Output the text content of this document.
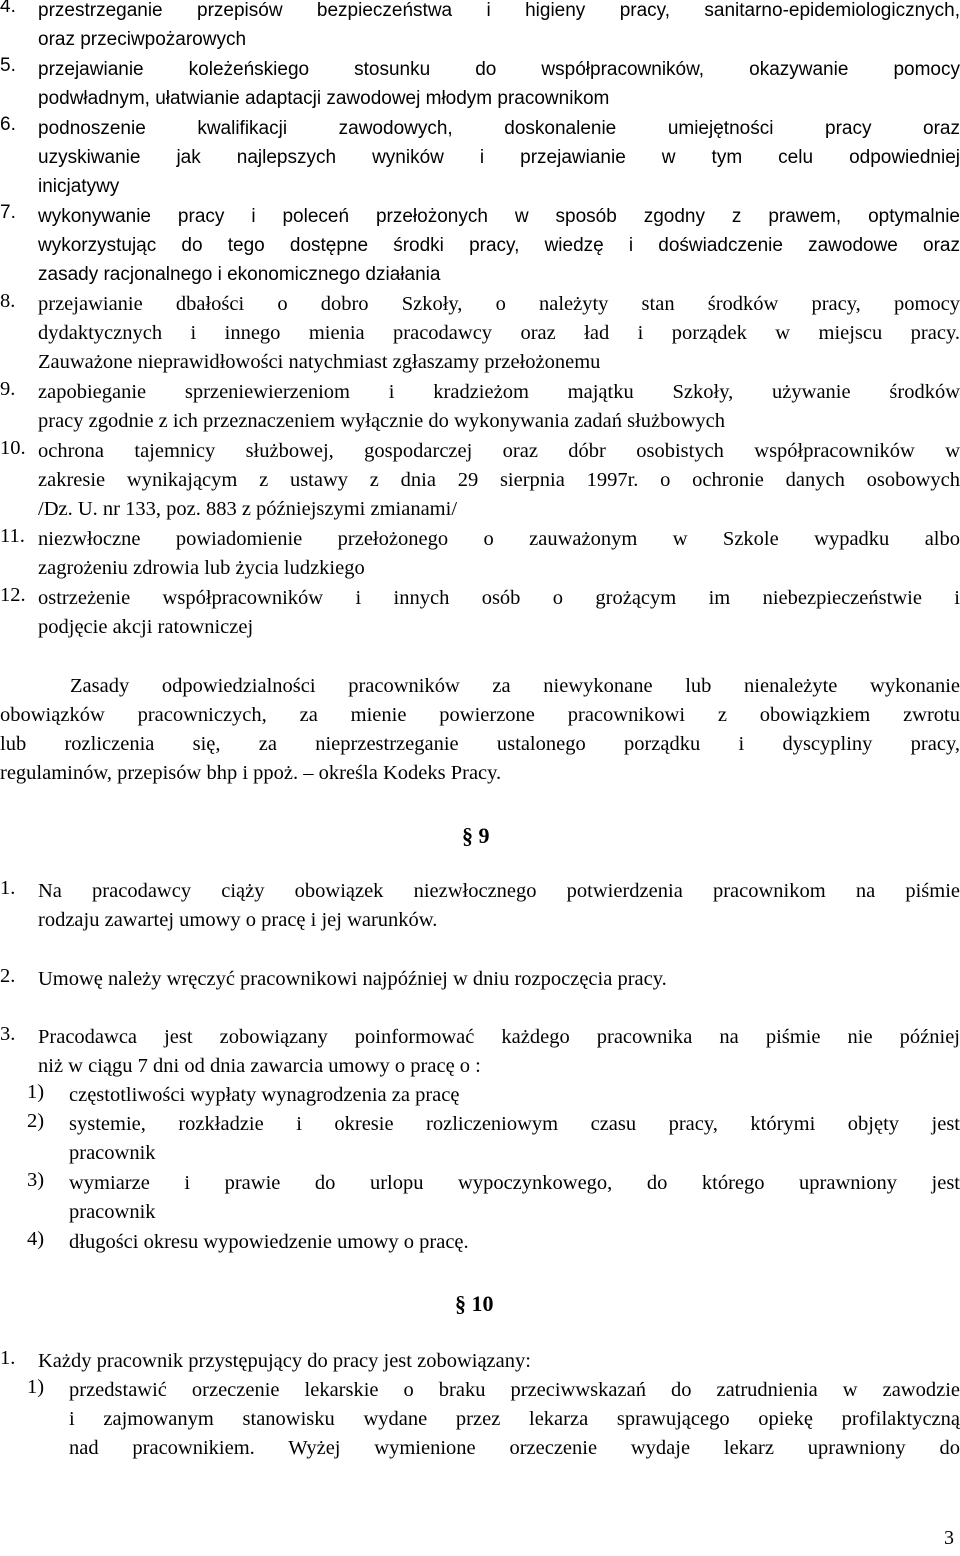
4. przestrzeganie przepisów bezpieczeństwa i higieny pracy, sanitarno-epidemiologicznych,
oraz przeciwpożarowych
5. przejawianie koleżeńskiego stosunku do współpracowników, okazywanie pomocy
podwładnym, ułatwianie adaptacji zawodowej młodym pracownikom
6. podnoszenie kwalifikacji zawodowych, doskonalenie umiejętności pracy oraz
uzyskiwanie jak najlepszych wyników i przejawianie w tym celu odpowiedniej
inicjatywy
7. wykonywanie pracy i poleceń przełożonych w sposób zgodny z prawem, optymalnie
wykorzystując do tego dostępne środki pracy, wiedzę i doświadczenie zawodowe oraz
zasady racjonalnego i ekonomicznego działania
8. przejawianie dbałości o dobro Szkoły, o należyty stan środków pracy, pomocy
dydaktycznych i innego mienia pracodawcy oraz ład i porządek w miejscu pracy.
Zauważone nieprawidłowości natychmiast zgłaszamy przełożonemu
9. zapobieganie sprzeniewierzeniom i kradzieżom majątku Szkoły, używanie środków
pracy zgodnie z ich przeznaczeniem wyłącznie do wykonywania zadań służbowych
10. ochrona tajemnicy służbowej, gospodarczej oraz dóbr osobistych współpracowników w
zakresie wynikającym z ustawy z dnia 29 sierpnia 1997r. o ochronie danych osobowych
/Dz. U. nr 133, poz. 883 z późniejszymi zmianami/
11. niezwłoczne powiadomienie przełożonego o zauważonym w Szkole wypadku albo
zagrożeniu zdrowia lub życia ludzkiego
12. ostrzeżenie współpracowników i innych osób o grożącym im niebezpieczeństwie i
podjęcie akcji ratowniczej
Zasady odpowiedzialności pracowników za niewykonane lub nienależyte wykonanie
obowiązków pracowniczych, za mienie powierzone pracownikowi z obowiązkiem zwrotu
lub rozliczenia się, za nieprzestrzeganie ustalonego porządku i dyscypliny pracy,
regulaminów, przepisów bhp i ppoż. – określa Kodeks Pracy.
§ 9
1. Na pracodawcy ciąży obowiązek niezwłocznego potwierdzenia pracownikom na piśmie
rodzaju zawartej umowy o pracę i jej warunków.
2. Umowę należy wręczyć pracownikowi najpóźniej w dniu rozpoczęcia pracy.
3. Pracodawca jest zobowiązany poinformować każdego pracownika na piśmie nie później
niż w ciągu 7 dni od dnia zawarcia umowy o pracę o :
1) częstotliwości wypłaty wynagrodzenia za pracę
2) systemie, rozkładzie i okresie rozliczeniowym czasu pracy, którymi objęty jest
pracownik
3) wymiarze i prawie do urlopu wypoczynkowego, do którego uprawniony jest
pracownik
4) długości okresu wypowiedzenie umowy o pracę.
§ 10
1. Każdy pracownik przystępujący do pracy jest zobowiązany:
1) przedstawić orzeczenie lekarskie o braku przeciwwskazań do zatrudnienia w zawodzie
i zajmowanym stanowisku wydane przez lekarza sprawującego opiekę profilaktyczną
nad pracownikiem. Wyżej wymienione orzeczenie wydaje lekarz uprawniony do
3
